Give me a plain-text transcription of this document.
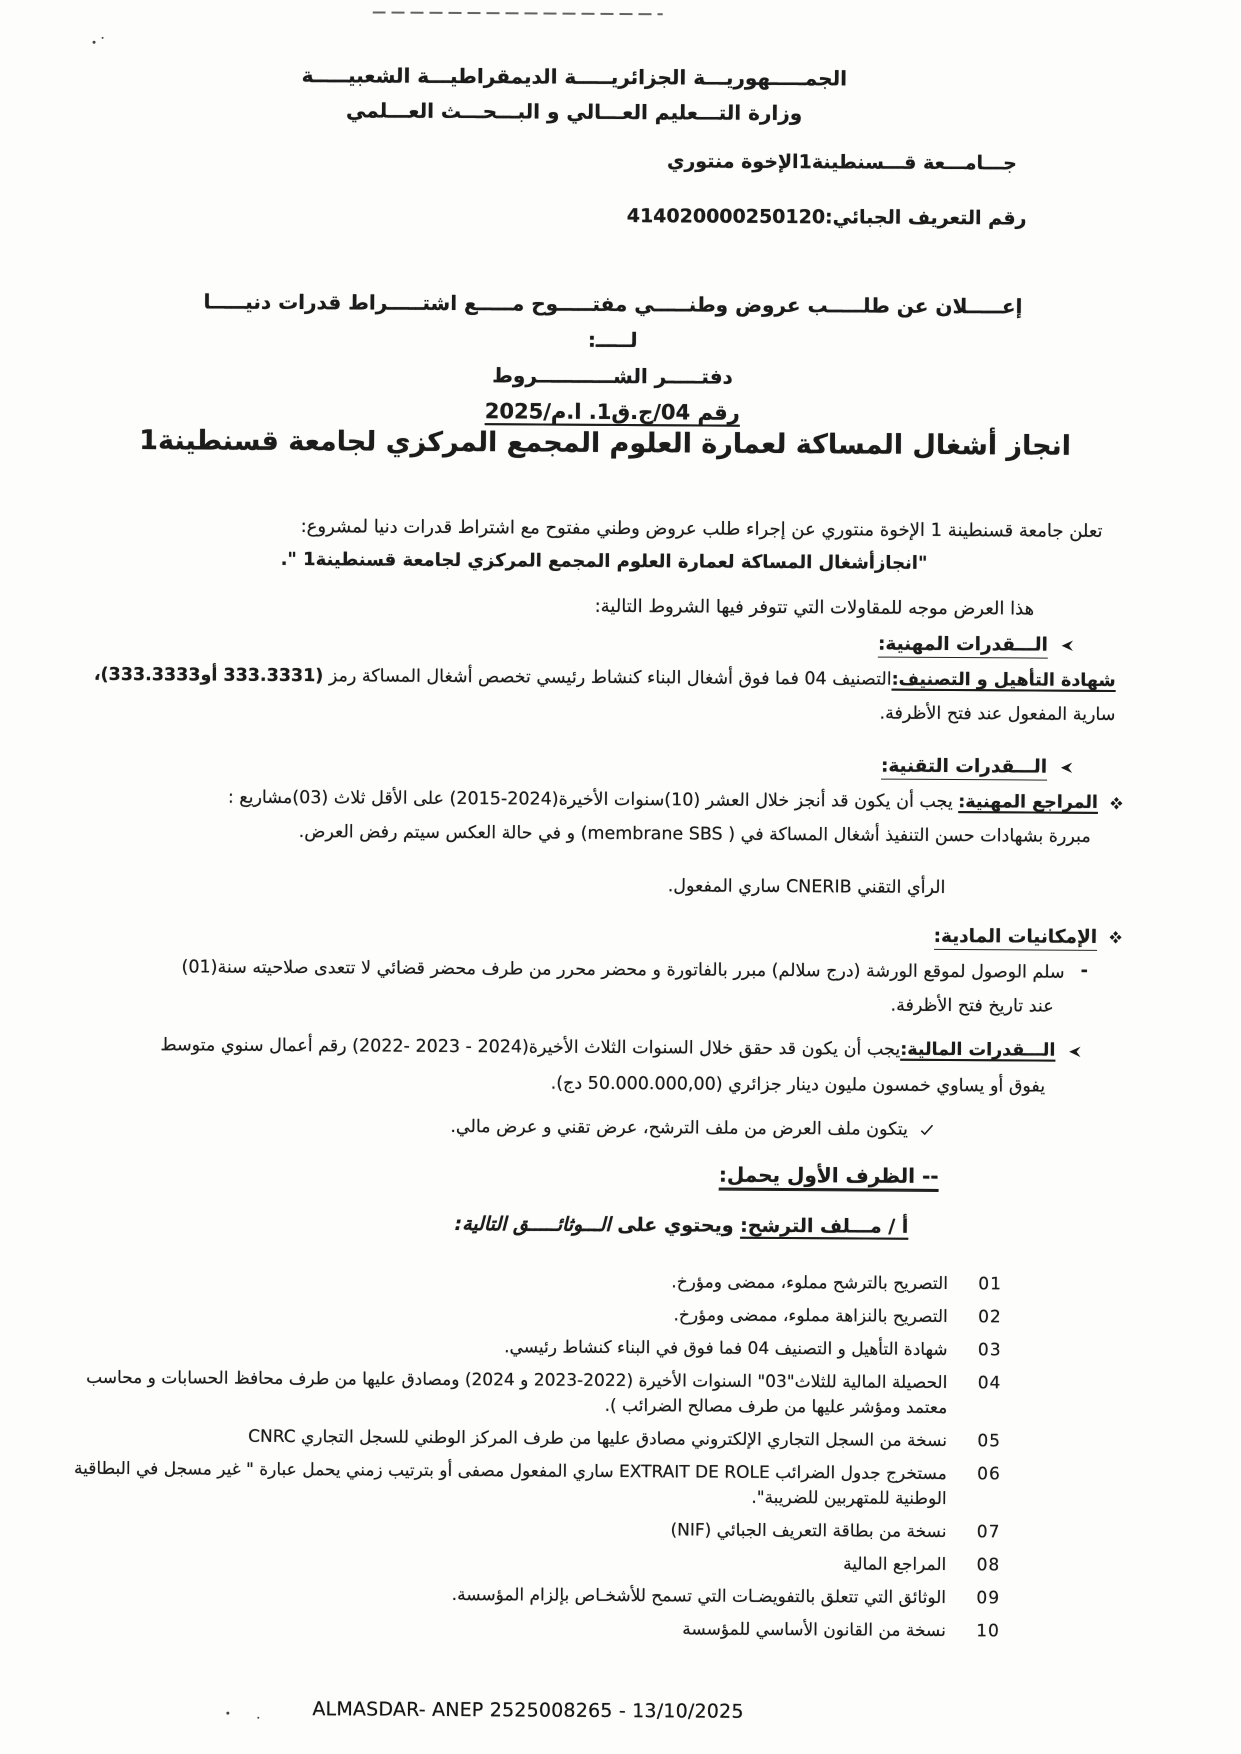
الجمـــــهوريـــة الجزائريـــــة الديمقراطيـــة الشعبيـــــة
وزارة التـــعليم العـــالي و البـــحـــث العـــلمي
جـــامـــعة قـــسنطينة1الإخوة منتوري
رقم التعريف الجبائي:414020000250120
إعـــــلان عن طلـــــب عروض وطنـــــي مفتـــــوح مـــــع اشتـــــراط قدرات دنيـــــا لـــــ:
دفتـــــر الشـــــــــــروط
رقم 04/ج.ق1. ا.م/2025
انجاز أشغال المساكة لعمارة العلوم المجمع المركزي لجامعة قسنطينة1
تعلن جامعة قسنطينة 1 الإخوة منتوري عن إجراء طلب عروض وطني مفتوح مع اشتراط قدرات دنيا لمشروع:
"انجازأشغال المساكة لعمارة العلوم المجمع المركزي لجامعة قسنطينة1 ".
هذا العرض موجه للمقاولات التي تتوفر فيها الشروط التالية:
الـــقدرات المهنية:
شهادة التأهيل و التصنيف:التصنيف 04 فما فوق أشغال البناء كنشاط رئيسي تخصص أشغال المساكة رمز (333.3331 أو333.3333)،
سارية المفعول عند فتح الأظرفة.
الـــقدرات التقنية:
المراجع المهنية: يجب أن يكون قد أنجز خلال العشر (10)سنوات الأخيرة(2024-2015) على الأقل ثلاث (03)مشاريع :
مبررة بشهادات حسن التنفيذ أشغال المساكة في ( membrane SBS) و في حالة العكس سيتم رفض العرض.
الرأي التقني CNERIB ساري المفعول.
الإمكانيات المادية:
-
سلم الوصول لموقع الورشة (درج سلالم) مبرر بالفاتورة و محضر محرر من طرف محضر قضائي لا تتعدى صلاحيته سنة(01)
عند تاريخ فتح الأظرفة.
الـــقدرات المالية:يجب أن يكون قد حقق خلال السنوات الثلاث الأخيرة(2024 - 2023 -2022) رقم أعمال سنوي متوسط
يفوق أو يساوي خمسون مليون دينار جزائري (50.000.000,00 دج).
يتكون ملف العرض من ملف الترشح، عرض تقني و عرض مالي.
-- الظرف الأول يحمل:
أ / مـــلف الترشح: ويحتوي على الـــوثائـــــق التالية:
01
التصريح بالترشح مملوء، ممضى ومؤرخ.
02
التصريح بالنزاهة مملوء، ممضى ومؤرخ.
03
شهادة التأهيل و التصنيف 04 فما فوق في البناء كنشاط رئيسي.
04
الحصيلة المالية للثلاث"03" السنوات الأخيرة (2022-2023 و 2024) ومصادق عليها من طرف محافظ الحسابات و محاسب معتمد ومؤشر عليها من طرف مصالح الضرائب ).
05
نسخة من السجل التجاري الإلكتروني مصادق عليها من طرف المركز الوطني للسجل التجاري CNRC
06
مستخرج جدول الضرائب EXTRAIT DE ROLE ساري المفعول مصفى أو بترتيب زمني يحمل عبارة " غير مسجل في البطاقية الوطنية للمتهربين للضريبة".
07
نسخة من بطاقة التعريف الجبائي (NIF)
08
المراجع المالية
09
الوثائق التي تتعلق بالتفويضـات التي تسمح للأشخـاص بإلزام المؤسسة.
10
نسخة من القانون الأساسي للمؤسسة
ALMASDAR- ANEP 2525008265 - 13/10/2025
